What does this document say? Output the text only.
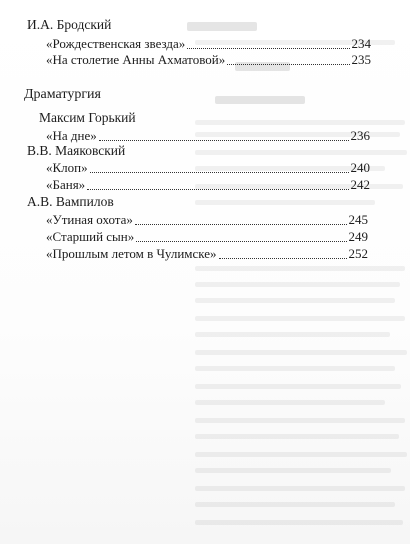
И.А. Бродский
«Рождественская звезда»	234
«На столетие Анны Ахматовой»	235
Драматургия
Максим Горький
«На дне»	236
В.В. Маяковский
«Клоп»	240
«Баня»	242
А.В. Вампилов
«Утиная охота»	245
«Старший сын»	249
«Прошлым летом в Чулимске»	252
